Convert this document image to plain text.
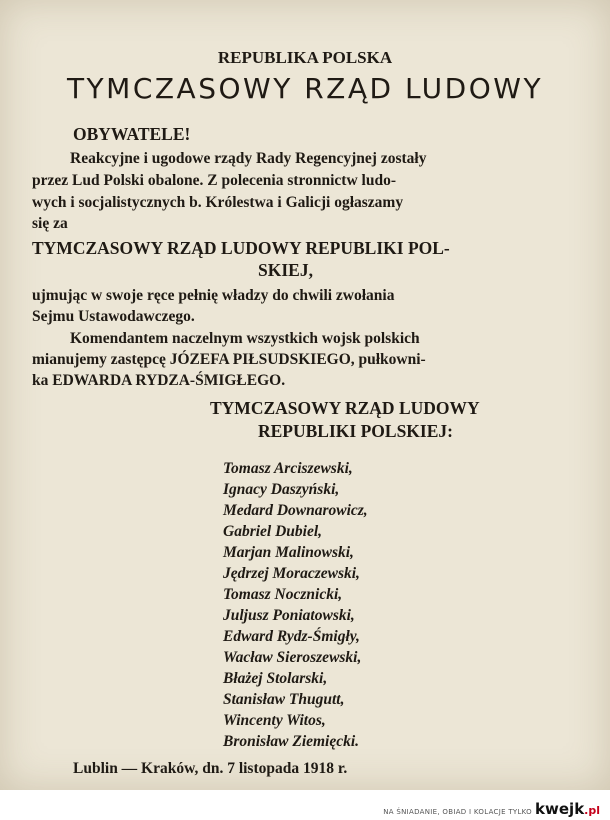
REPUBLIKA POLSKA
TYMCZASOWY RZĄD LUDOWY
OBYWATELE!
Reakcyjne i ugodowe rządy Rady Regencyjnej zostały
przez Lud Polski obalone. Z polecenia stronnictw ludo-
wych i socjalistycznych b. Królestwa i Galicji ogłaszamy
się za
TYMCZASOWY RZĄD LUDOWY REPUBLIKI POL-
SKIEJ,
ujmując w swoje ręce pełnię władzy do chwili zwołania
Sejmu Ustawodawczego.
Komendantem naczelnym wszystkich wojsk polskich
mianujemy zastępcę JÓZEFA PIŁSUDSKIEGO, pułkowni-
ka EDWARDA RYDZA-ŚMIGŁEGO.
TYMCZASOWY RZĄD LUDOWY
REPUBLIKI POLSKIEJ:
Tomasz Arciszewski,
Ignacy Daszyński,
Medard Downarowicz,
Gabriel Dubiel,
Marjan Malinowski,
Jędrzej Moraczewski,
Tomasz Nocznicki,
Juljusz Poniatowski,
Edward Rydz-Śmigły,
Wacław Sieroszewski,
Błażej Stolarski,
Stanisław Thugutt,
Wincenty Witos,
Bronisław Ziemięcki.
Lublin — Kraków, dn. 7 listopada 1918 r.
NA ŚNIADANIE, OBIAD I KOLACJE TYLKO kwejk.pl
